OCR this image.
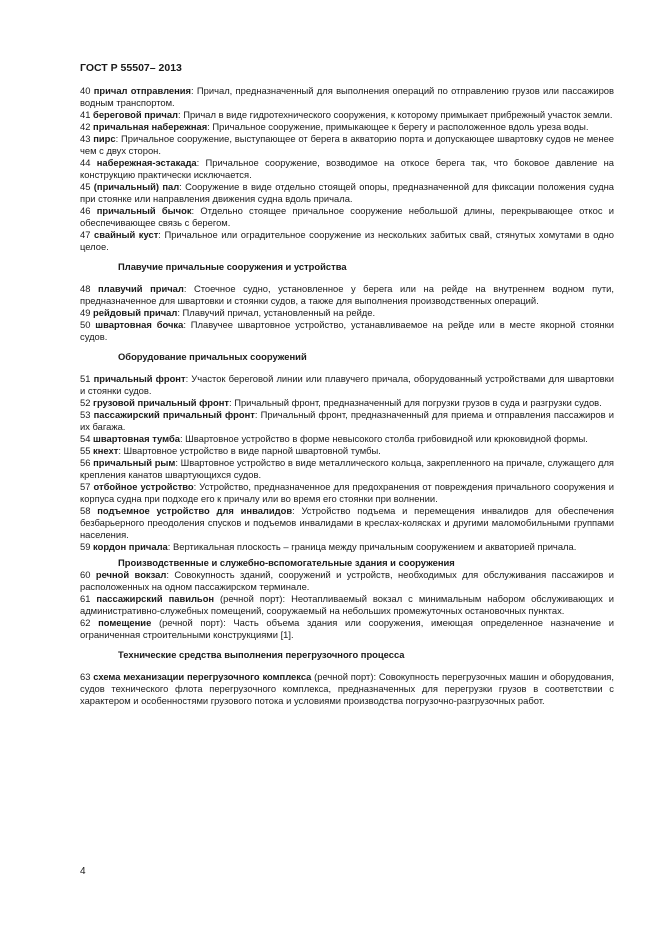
ГОСТ Р 55507– 2013

40 причал отправления: Причал, предназначенный для выполнения операций по отправлению грузов или пассажиров водным транспортом.

41 береговой причал: Причал в виде гидротехнического сооружения, к которому примыкает прибрежный участок земли.

42 причальная набережная: Причальное сооружение, примыкающее к берегу и расположенное вдоль уреза воды.

43 пирс: Причальное сооружение, выступающее от берега в акваторию порта и допускающее швартовку судов не менее чем с двух сторон.

44 набережная-эстакада: Причальное сооружение, возводимое на откосе берега так, что боковое давление на конструкцию практически исключается.

45 (причальный) пал: Сооружение в виде отдельно стоящей опоры, предназначенной для фиксации положения судна при стоянке или направления движения судна вдоль причала.

46 причальный бычок: Отдельно стоящее причальное сооружение небольшой длины, перекрывающее откос и обеспечивающее связь с берегом.

47 свайный куст: Причальное или оградительное сооружение из нескольких забитых свай, стянутых хомутами в одно целое.

Плавучие причальные сооружения и устройства

48 плавучий причал: Стоечное судно, установленное у берега или на рейде на внутреннем водном пути, предназначенное для швартовки и стоянки судов, а также для выполнения производственных операций.

49 рейдовый причал: Плавучий причал, установленный на рейде.

50 швартовная бочка: Плавучее швартовное устройство, устанавливаемое на рейде или в месте якорной стоянки судов.

Оборудование причальных сооружений

51 причальный фронт: Участок береговой линии или плавучего причала, оборудованный устройствами для швартовки и стоянки судов.

52 грузовой причальный фронт: Причальный фронт, предназначенный для погрузки грузов в суда и разгрузки судов.

53 пассажирский причальный фронт: Причальный фронт, предназначенный для приема и отправления пассажиров и их багажа.

54 швартовная тумба: Швартовное устройство в форме невысокого столба грибовидной или крюковидной формы.

55 кнехт: Швартовное устройство в виде парной швартовной тумбы.

56 причальный рым: Швартовное устройство в виде металлического кольца, закрепленного на причале, служащего для крепления канатов швартующихся судов.

57 отбойное устройство: Устройство, предназначенное для предохранения от повреждения причального сооружения и корпуса судна при подходе его к причалу или во время его стоянки при волнении.

58 подъемное устройство для инвалидов: Устройство подъема и перемещения инвалидов для обеспечения безбарьерного преодоления спусков и подъемов инвалидами в креслах-колясках и другими маломобильными группами населения.

59 кордон причала: Вертикальная плоскость – граница между причальным сооружением и акваторией причала.

Производственные и служебно-вспомогательные здания и сооружения

60 речной вокзал: Совокупность зданий, сооружений и устройств, необходимых для обслуживания пассажиров и расположенных на одном пассажирском терминале.

61 пассажирский павильон (речной порт): Неотапливаемый вокзал с минимальным набором обслуживающих и административно-служебных помещений, сооружаемый на небольших промежуточных остановочных пунктах.

62 помещение (речной порт): Часть объема здания или сооружения, имеющая определенное назначение и ограниченная строительными конструкциями [1].

Технические средства выполнения перегрузочного процесса

63 схема механизации перегрузочного комплекса (речной порт): Совокупность перегрузочных машин и оборудования, судов технического флота перегрузочного комплекса, предназначенных для перегрузки грузов в соответствии с характером и особенностями грузового потока и условиями производства погрузочно-разгрузочных работ.

4
